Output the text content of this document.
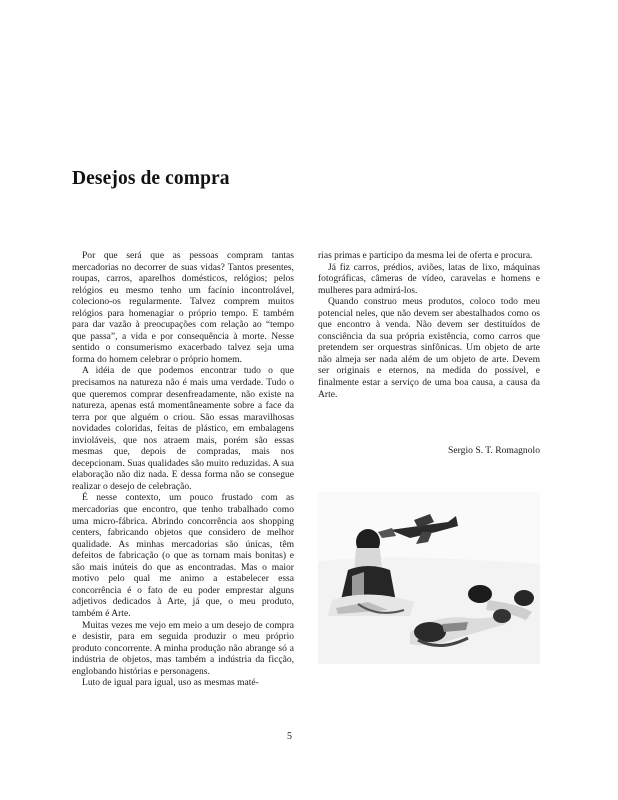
Desejos de compra

Por que será que as pessoas compram tantas mercadorias no decorrer de suas vidas? Tantos presentes, roupas, carros, aparelhos domésticos, relógios; pelos relógios eu mesmo tenho um facínio incontrolável, coleciono-os regularmente. Talvez comprem muitos relógios para homenagiar o próprio tempo. E também para dar vazão à preocupações com relação ao “tempo que passa”, a vida e por consequência à morte. Nesse sentido o consumerismo exacerbado talvez seja uma forma do homem celebrar o próprio homem.

A idéia de que podemos encontrar tudo o que precisamos na natureza não é mais uma verdade. Tudo o que queremos comprar desenfreadamente, não existe na natureza, apenas está momentâneamente sobre a face da terra por que alguém o criou. São essas maravilhosas novidades coloridas, feitas de plástico, em embalagens invioláveis, que nos atraem mais, porém são essas mesmas que, depois de compradas, mais nos decepcionam. Suas qualidades são muito reduzidas. A sua elaboração não diz nada. E dessa forma não se consegue realizar o desejo de celebração.

É nesse contexto, um pouco frustado com as mercadorias que encontro, que tenho trabalhado como uma micro-fábrica. Abrindo concorrência aos shopping centers, fabricando objetos que considero de melhor qualidade. As minhas mercadorias são únicas, têm defeitos de fabricação (o que as tornam mais bonitas) e são mais inúteis do que as encontradas. Mas o maior motivo pelo qual me animo a estabelecer essa concorrência é o fato de eu poder emprestar alguns adjetivos dedicados à Arte, já que, o meu produto, também é Arte.

Muitas vezes me vejo em meio a um desejo de compra e desistir, para em seguida produzir o meu próprio produto concorrente. A minha produção não abrange só a indústria de objetos, mas também a indústria da ficção, englobando histórias e personagens.

Luto de igual para igual, uso as mesmas maté-

rias primas e participo da mesma lei de oferta e procura.

Já fiz carros, prédios, aviões, latas de lixo, máquinas fotográficas, câmeras de vídeo, caravelas e homens e mulheres para admirá-los.

Quando construo meus produtos, coloco todo meu potencial neles, que não devem ser abestalhados como os que encontro à venda. Não devem ser destituídos de consciência da sua própria existência, como carros que pretendem ser orquestras sinfônicas. Um objeto de arte não almeja ser nada além de um objeto de arte. Devem ser originais e eternos, na medida do possível, e finalmente estar a serviço de uma boa causa, a causa da Arte.

Sergio S. T. Romagnolo
5
